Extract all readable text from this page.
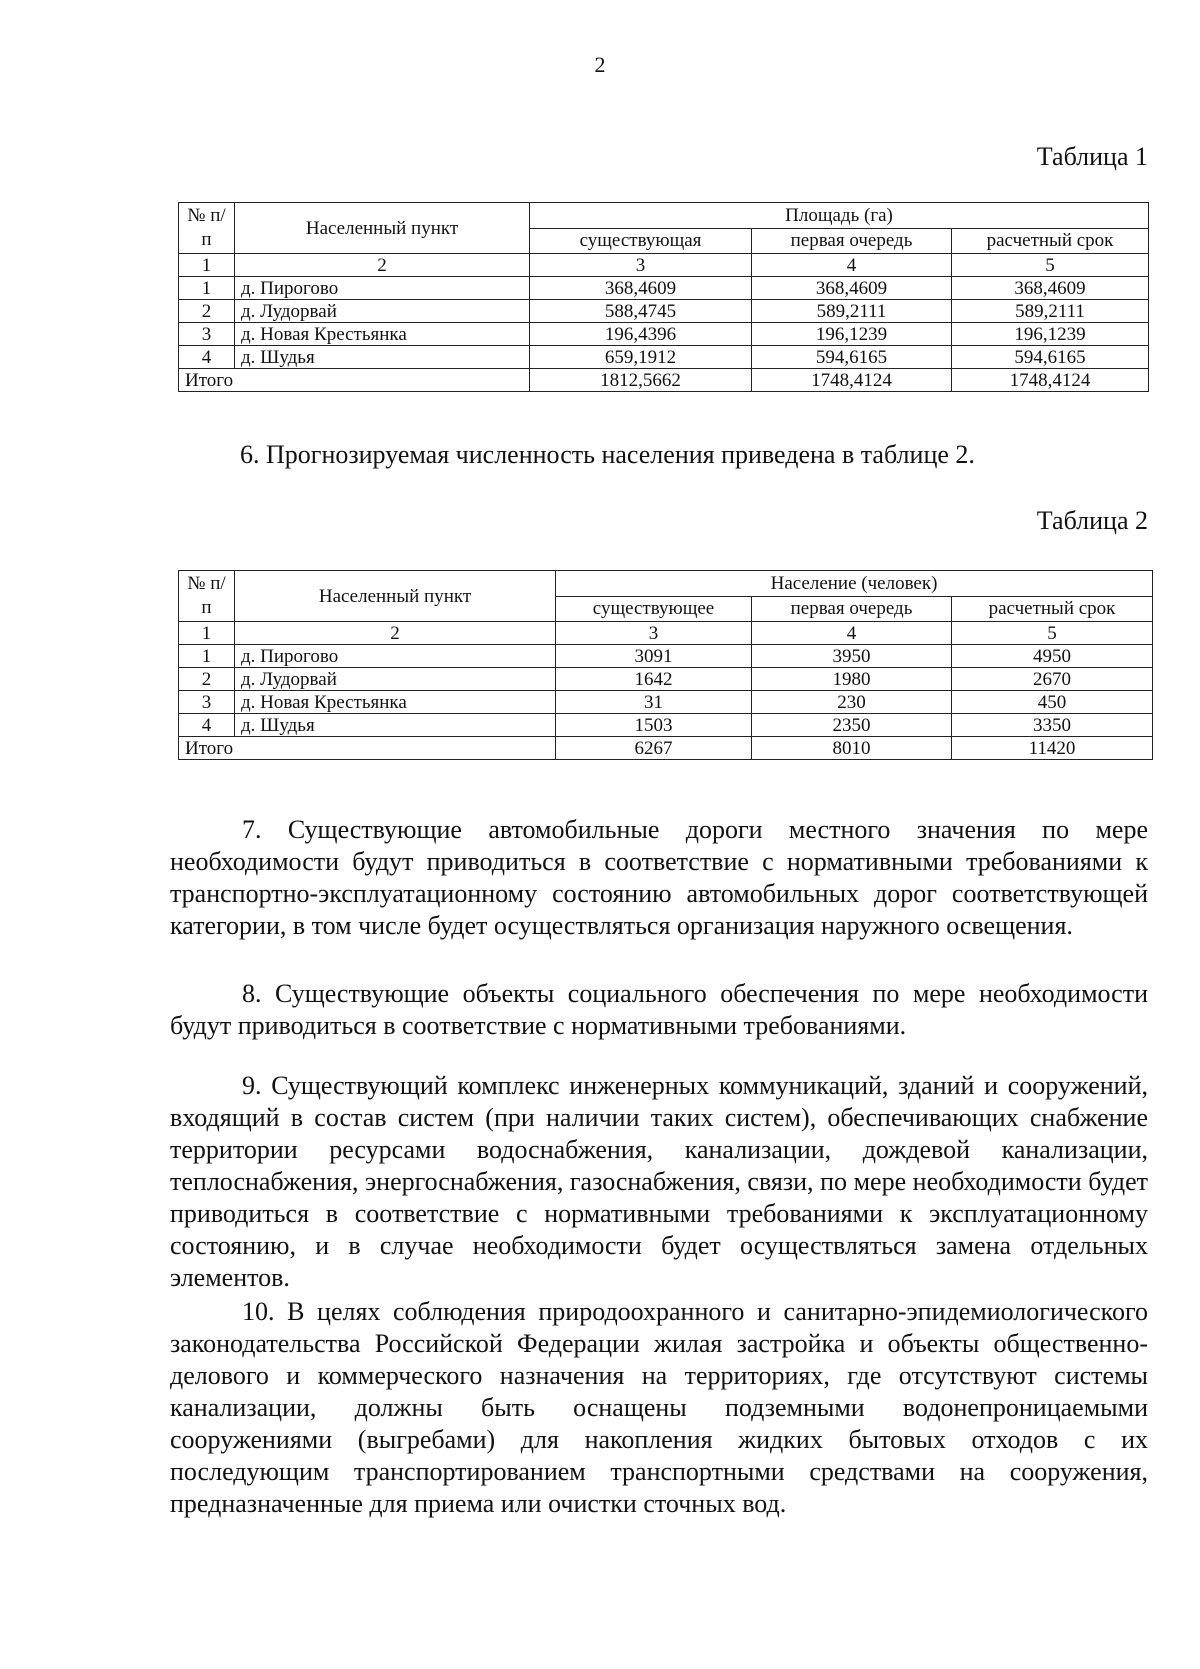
2
Таблица 1
№ п/п	Населенный пункт	Площадь (га)		
		существующая	первая очередь	расчетный срок
1	2	3	4	5
1	д. Пирогово	368,4609	368,4609	368,4609
2	д. Лудорвай	588,4745	589,2111	589,2111
3	д. Новая Крестьянка	196,4396	196,1239	196,1239
4	д. Шудья	659,1912	594,6165	594,6165
Итого		1812,5662	1748,4124	1748,4124
6. Прогнозируемая численность населения приведена в таблице 2.
Таблица 2
№ п/п	Населенный пункт	Население (человек)		
		существующее	первая очередь	расчетный срок
1	2	3	4	5
1	д. Пирогово	3091	3950	4950
2	д. Лудорвай	1642	1980	2670
3	д. Новая Крестьянка	31	230	450
4	д. Шудья	1503	2350	3350
Итого		6267	8010	11420
7. Существующие автомобильные дороги местного значения по мере необходимости будут приводиться в соответствие с нормативными требованиями к транспортно-эксплуатационному состоянию автомобильных дорог соответствующей категории, в том числе будет осуществляться организация наружного освещения.
8. Существующие объекты социального обеспечения по мере необходимости будут приводиться в соответствие с нормативными требованиями.
9. Существующий комплекс инженерных коммуникаций, зданий и сооружений, входящий в состав систем (при наличии таких систем), обеспечивающих снабжение территории ресурсами водоснабжения, канализации, дождевой канализации, теплоснабжения, энергоснабжения, газоснабжения, связи, по мере необходимости будет приводиться в соответствие с нормативными требованиями к эксплуатационному состоянию, и в случае необходимости будет осуществляться замена отдельных элементов.
10. В целях соблюдения природоохранного и санитарно-эпидемиологического законодательства Российской Федерации жилая застройка и объекты общественно-делового и коммерческого назначения на территориях, где отсутствуют системы канализации, должны быть оснащены подземными водонепроницаемыми сооружениями (выгребами) для накопления жидких бытовых отходов с их последующим транспортированием транспортными средствами на сооружения, предназначенные для приема или очистки сточных вод.
